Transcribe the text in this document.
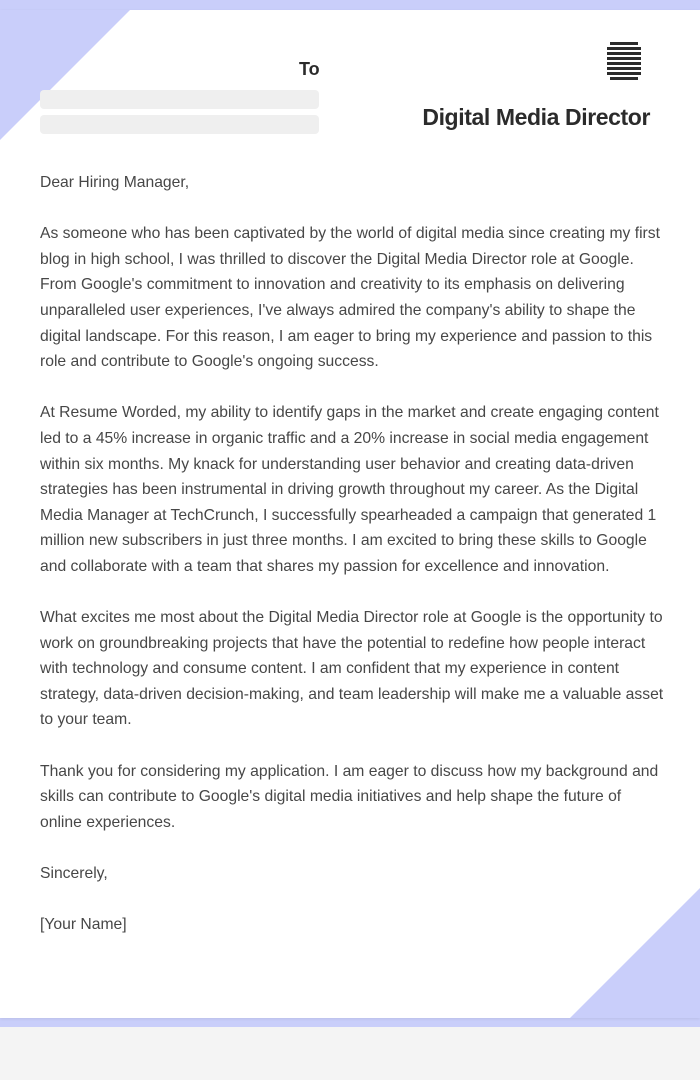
To
Digital Media Director

Dear Hiring Manager,

As someone who has been captivated by the world of digital media since creating my first blog in high school, I was thrilled to discover the Digital Media Director role at Google. From Google's commitment to innovation and creativity to its emphasis on delivering unparalleled user experiences, I've always admired the company's ability to shape the digital landscape. For this reason, I am eager to bring my experience and passion to this role and contribute to Google's ongoing success.

At Resume Worded, my ability to identify gaps in the market and create engaging content led to a 45% increase in organic traffic and a 20% increase in social media engagement within six months. My knack for understanding user behavior and creating data-driven strategies has been instrumental in driving growth throughout my career. As the Digital Media Manager at TechCrunch, I successfully spearheaded a campaign that generated 1 million new subscribers in just three months. I am excited to bring these skills to Google and collaborate with a team that shares my passion for excellence and innovation.

What excites me most about the Digital Media Director role at Google is the opportunity to work on groundbreaking projects that have the potential to redefine how people interact with technology and consume content. I am confident that my experience in content strategy, data-driven decision-making, and team leadership will make me a valuable asset to your team.

Thank you for considering my application. I am eager to discuss how my background and skills can contribute to Google's digital media initiatives and help shape the future of online experiences.

Sincerely,

[Your Name]
